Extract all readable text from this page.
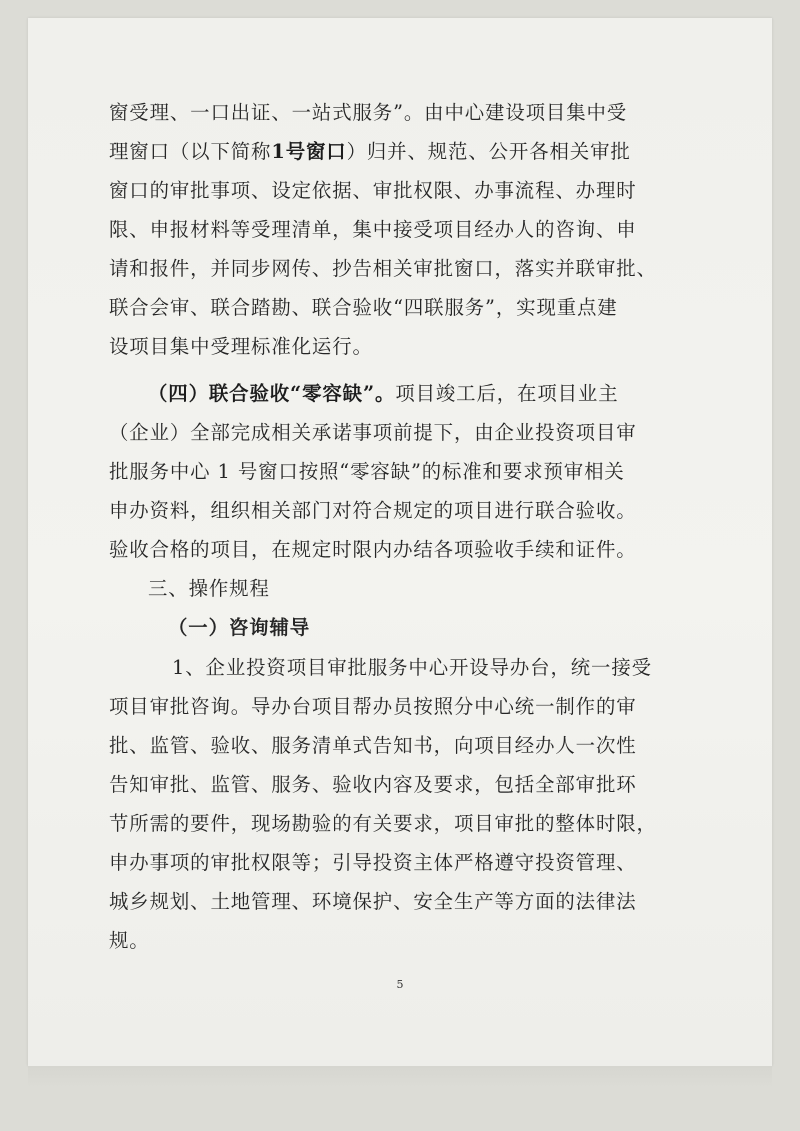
窗受理、一口出证、一站式服务”。由中心建设项目集中受
理窗口（以下简称1号窗口）归并、规范、公开各相关审批
窗口的审批事项、设定依据、审批权限、办事流程、办理时
限、申报材料等受理清单，集中接受项目经办人的咨询、申
请和报件，并同步网传、抄告相关审批窗口，落实并联审批、
联合会审、联合踏勘、联合验收“四联服务”，实现重点建
设项目集中受理标准化运行。
（四）联合验收“零容缺”。项目竣工后，在项目业主
（企业）全部完成相关承诺事项前提下，由企业投资项目审
批服务中心 1 号窗口按照“零容缺”的标准和要求预审相关
申办资料，组织相关部门对符合规定的项目进行联合验收。
验收合格的项目，在规定时限内办结各项验收手续和证件。
三、操作规程
（一）咨询辅导
1、企业投资项目审批服务中心开设导办台，统一接受
项目审批咨询。导办台项目帮办员按照分中心统一制作的审
批、监管、验收、服务清单式告知书，向项目经办人一次性
告知审批、监管、服务、验收内容及要求，包括全部审批环
节所需的要件，现场勘验的有关要求，项目审批的整体时限，
申办事项的审批权限等；引导投资主体严格遵守投资管理、
城乡规划、土地管理、环境保护、安全生产等方面的法律法
规。
5
